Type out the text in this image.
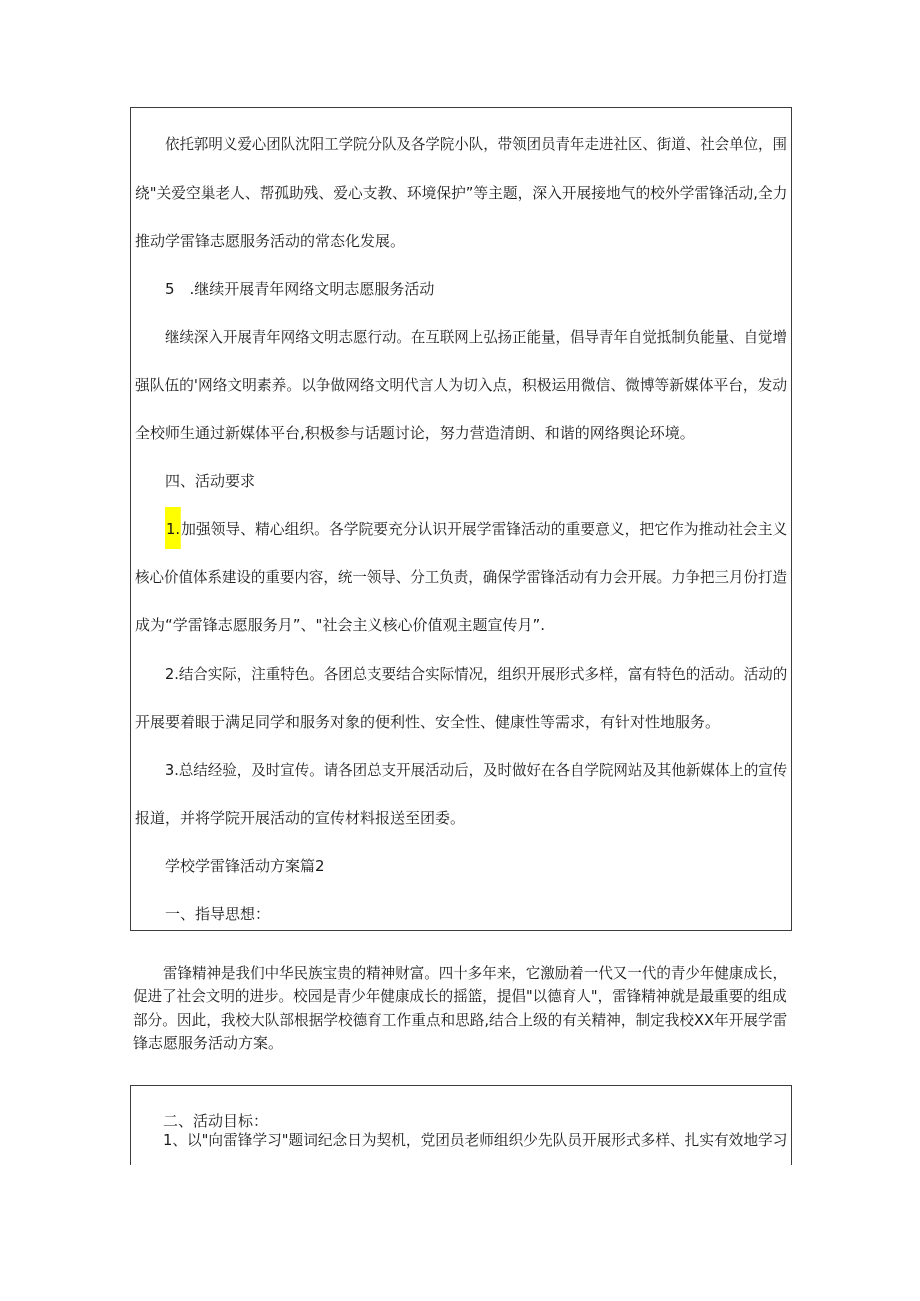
依托郭明义爱心团队沈阳工学院分队及各学院小队，带领团员青年走进社区、街道、社会单位，围

绕"关爱空巢老人、帮孤助残、爱心支教、环境保护”等主题，深入开展接地气的校外学雷锋活动,全力

推动学雷锋志愿服务活动的常态化发展。

5　.继续开展青年网络文明志愿服务活动

继续深入开展青年网络文明志愿行动。在互联网上弘扬正能量，倡导青年自觉抵制负能量、自觉增

强队伍的'网络文明素养。以争做网络文明代言人为切入点，积极运用微信、微博等新媒体平台，发动

全校师生通过新媒体平台,积极参与话题讨论，努力营造清朗、和谐的网络舆论环境。

四、活动要求

1.加强领导、精心组织。各学院要充分认识开展学雷锋活动的重要意义，把它作为推动社会主义

核心价值体系建设的重要内容，统一领导、分工负责，确保学雷锋活动有力会开展。力争把三月份打造

成为“学雷锋志愿服务月”、"社会主义核心价值观主题宣传月”.

2.结合实际，注重特色。各团总支要结合实际情况，组织开展形式多样，富有特色的活动。活动的

开展要着眼于满足同学和服务对象的便利性、安全性、健康性等需求，有针对性地服务。

3.总结经验，及时宣传。请各团总支开展活动后，及时做好在各自学院网站及其他新媒体上的宣传

报道，并将学院开展活动的宣传材料报送至团委。

学校学雷锋活动方案篇2

一、指导思想：

雷锋精神是我们中华民族宝贵的精神财富。四十多年来，它激励着一代又一代的青少年健康成长，

促进了社会文明的进步。校园是青少年健康成长的摇篮，提倡"以德育人"，雷锋精神就是最重要的组成

部分。因此，我校大队部根据学校德育工作重点和思路,结合上级的有关精神，制定我校XX年开展学雷

锋志愿服务活动方案。

二、活动目标：

1、以"向雷锋学习"题词纪念日为契机，党团员老师组织少先队员开展形式多样、扎实有效地学习
